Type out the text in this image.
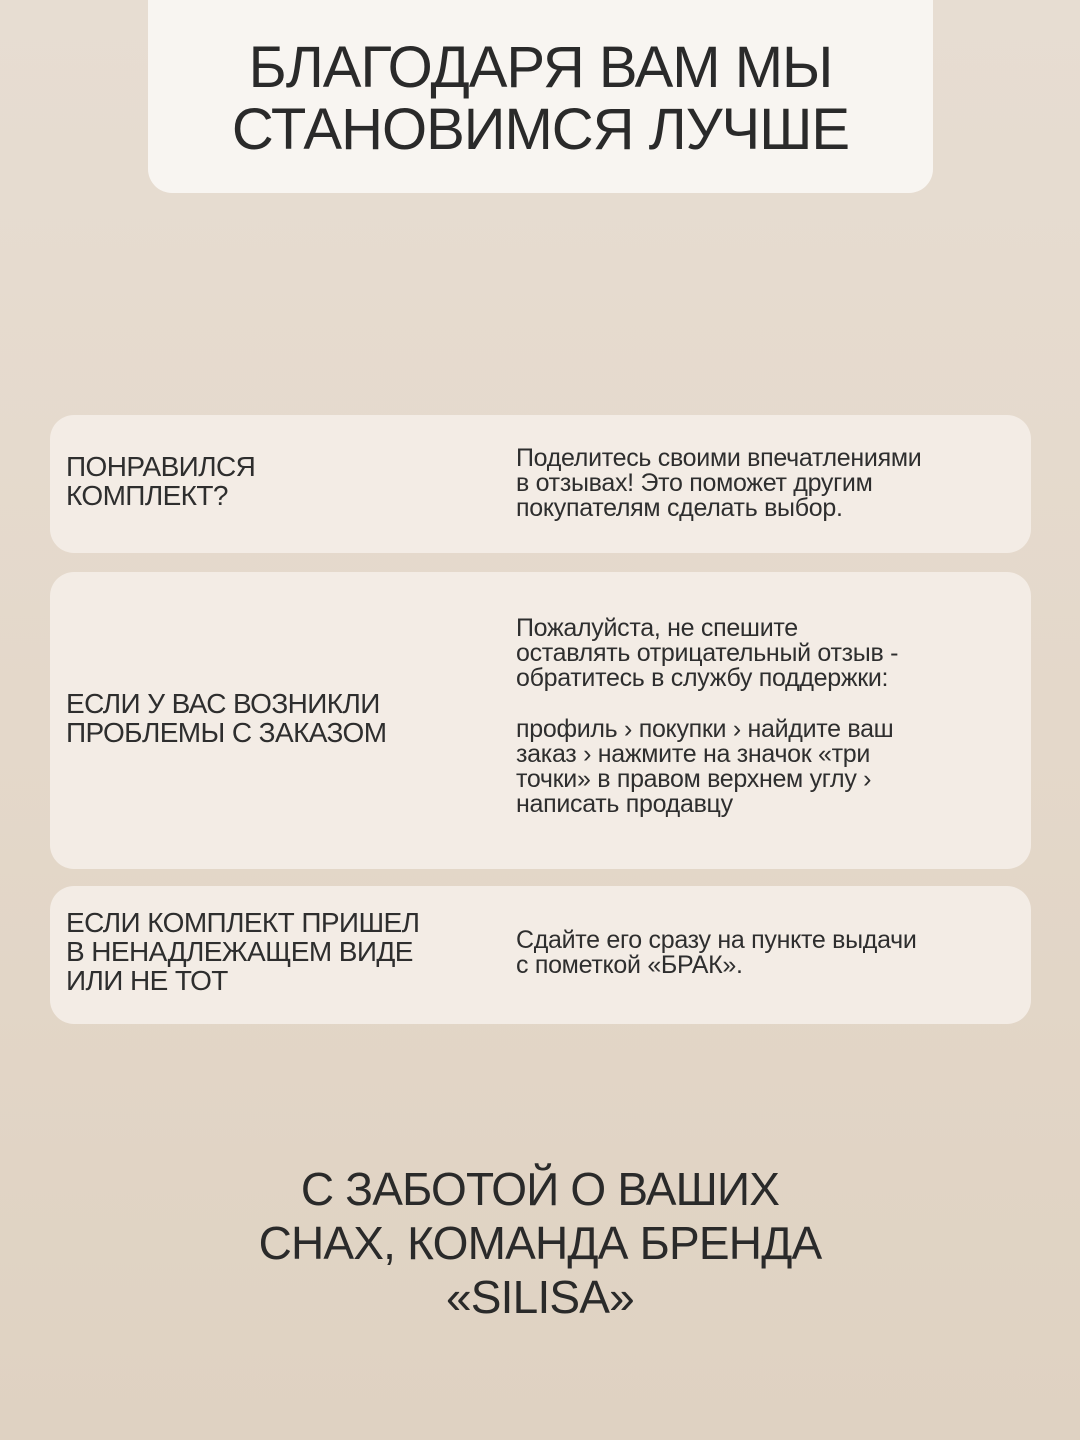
БЛАГОДАРЯ ВАМ МЫ
СТАНОВИМСЯ ЛУЧШЕ
ПОНРАВИЛСЯ
КОМПЛЕКТ?

Поделитесь своими впечатлениями

в отзывах! Это поможет другим

покупателям сделать выбор.

ЕСЛИ У ВАС ВОЗНИКЛИ
ПРОБЛЕМЫ С ЗАКАЗОМ

Пожалуйста, не спешите

оставлять отрицательный отзыв -

обратитесь в службу поддержки:

профиль › покупки › найдите ваш

заказ › нажмите на значок «три

точки» в правом верхнем углу ›

написать продавцу

ЕСЛИ КОМПЛЕКТ ПРИШЕЛ
В НЕНАДЛЕЖАЩЕМ ВИДЕ
ИЛИ НЕ ТОТ

Сдайте его сразу на пункте выдачи

с пометкой «БРАК».

С ЗАБОТОЙ О ВАШИХ
СНАХ, КОМАНДА БРЕНДА
«SILISA»
